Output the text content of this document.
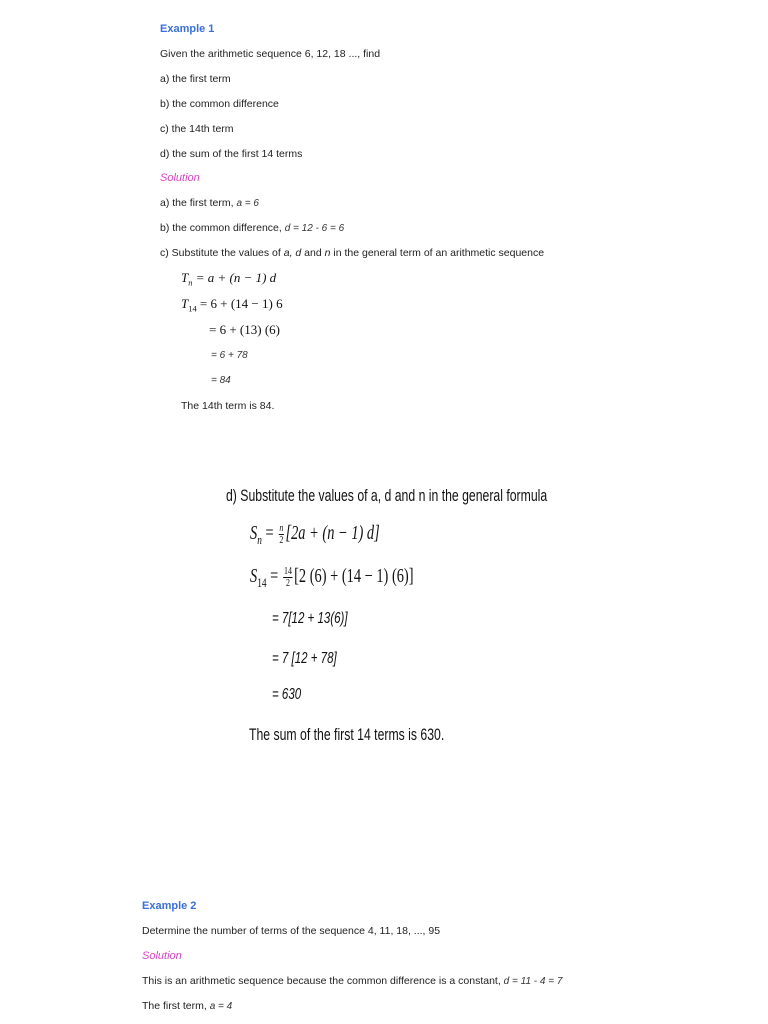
Example 1
Given the arithmetic sequence 6, 12, 18 ..., find
a) the first term
b) the common difference
c) the 14th term
d) the sum of the first 14 terms
Solution
a) the first term, a = 6
b) the common difference, d = 12 - 6 = 6
c) Substitute the values of a, d and n in the general term of an arithmetic sequence
$T_n = a + (n - 1)$ d
$T_{14} = 6 + (14 - 1)$ 6
= 6 + (13) (6)
= 6 + 78
= 84
The 14th term is 84.
d) Substitute the values of a, d and n in the general formula
$S_n = \frac{n}{2} [2a + (n - 1)$ d]
$S_{14} = \frac{14}{2} [2$ (6) + (14 − 1) (6)]
= 7[12 + 13(6)]
= 7 [12 + 78]
= 630
The sum of the first 14 terms is 630.
Example 2
Determine the number of terms of the sequence 4, 11, 18, ..., 95
Solution
This is an arithmetic sequence because the common difference is a constant, d = 11 - 4 = 7
The first term, a = 4
